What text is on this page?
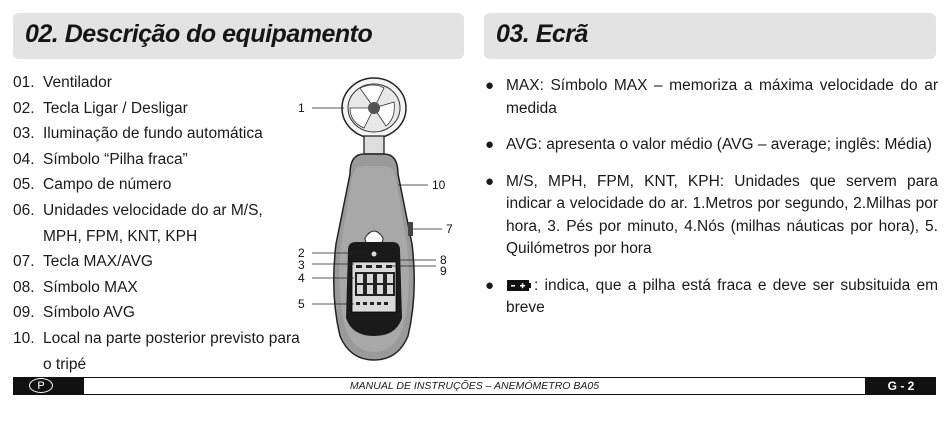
02. Descrição do equipamento	03. Ecrã
01. Ventilador
02. Tecla Ligar / Desligar
03. Iluminação de fundo automática
04. Símbolo “Pilha fraca”
05. Campo de número
06. Unidades velocidade do ar M/S, MPH, FPM, KNT, KPH
07. Tecla MAX/AVG
08. Símbolo MAX
09. Símbolo AVG
10. Local na parte posterior previsto para o tripé
1
10
7
2
3
4
8
9
5
● MAX: Símbolo MAX – memoriza a máxima velocidade do ar medida
● AVG: apresenta o valor médio (AVG – average; inglês: Média)
● M/S, MPH, FPM, KNT, KPH: Unidades que servem para indicar a velocidade do ar. 1.Metros por segundo, 2.Milhas por hora, 3. Pés por minuto, 4.Nós (milhas náuticas por hora), 5. Quilómetros por hora
●	: indica, que a pilha está fraca e deve ser subsituida em breve
P	MANUAL DE INSTRUÇÕES – ANEMÓMETRO BA05	G - 2
